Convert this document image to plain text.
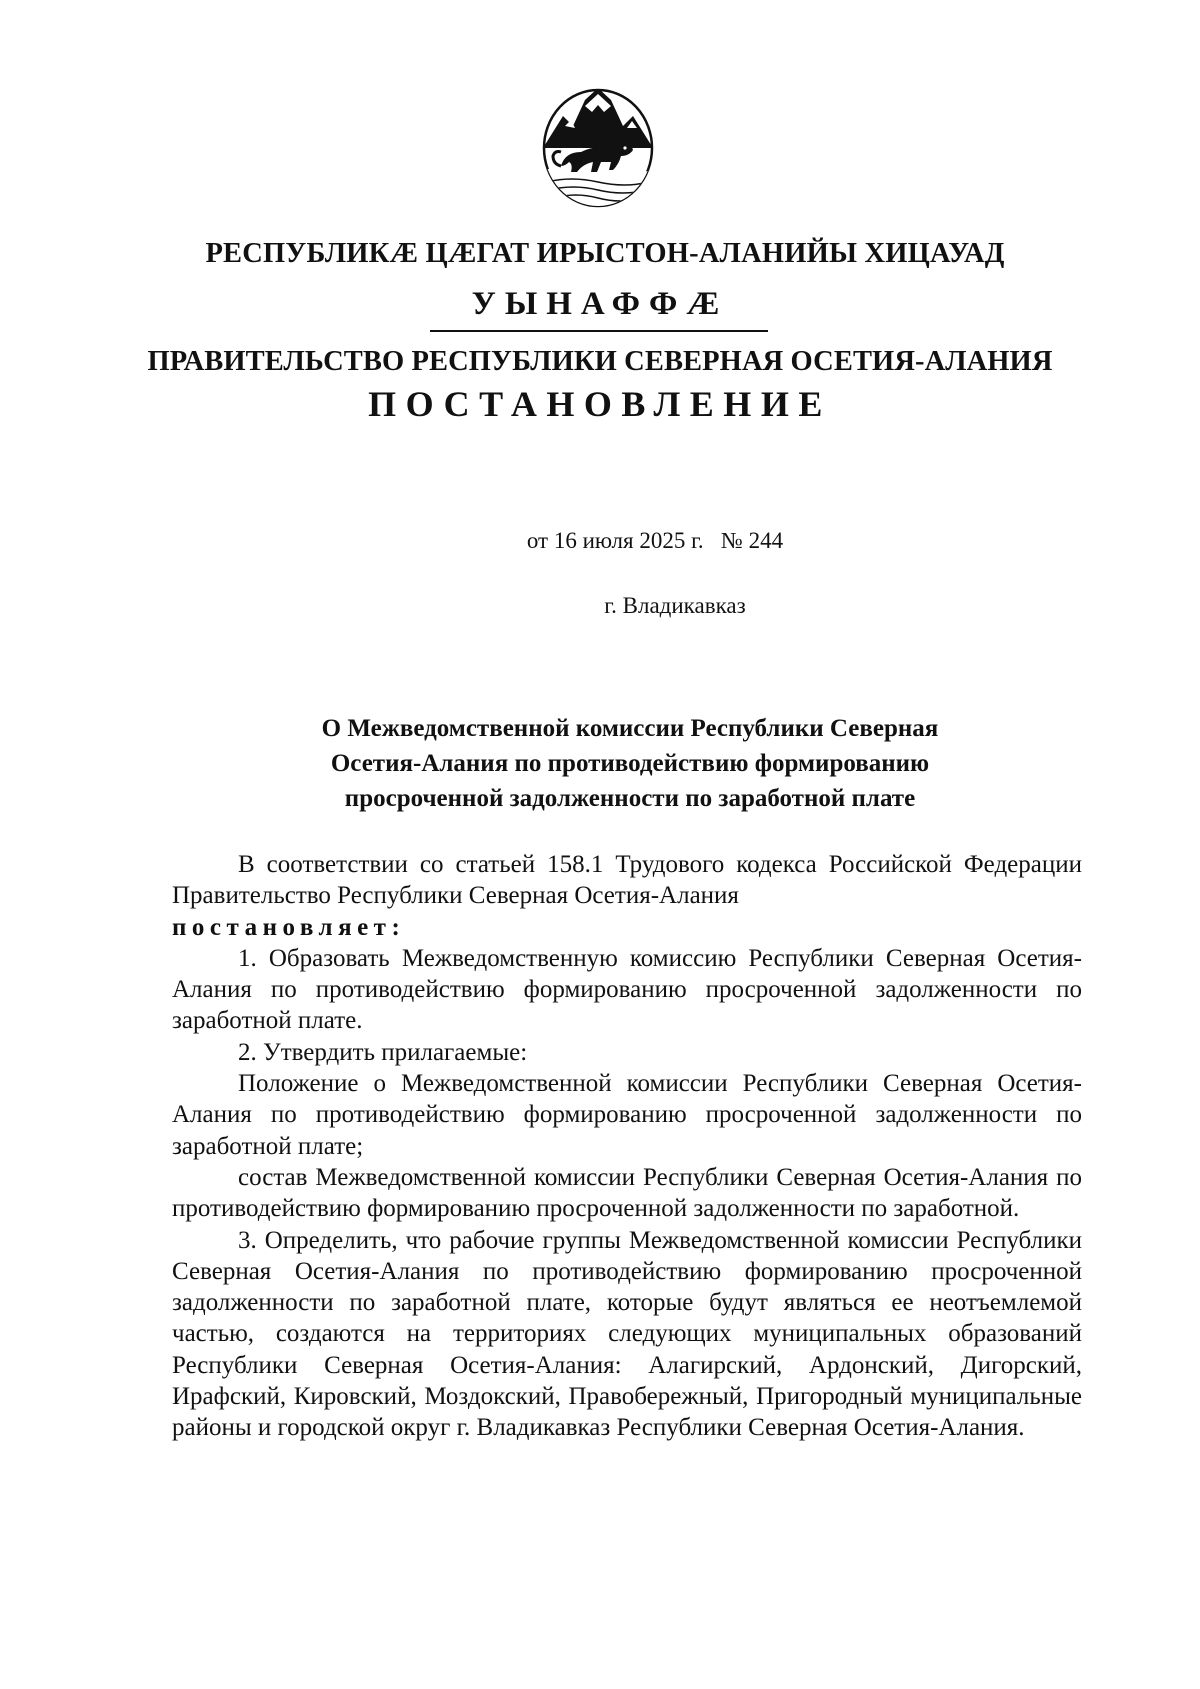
РЕСПУБЛИКӔ ЦӔГАТ ИРЫСТОН-АЛАНИЙЫ ХИЦАУАД
УЫНАФФӔ
ПРАВИТЕЛЬСТВО РЕСПУБЛИКИ СЕВЕРНАЯ ОСЕТИЯ-АЛАНИЯ
ПОСТАНОВЛЕНИЕ
от 16 июля 2025 г.   № 244
г. Владикавказ
О Межведомственной комиссии Республики Северная
Осетия-Алания по противодействию формированию
просроченной задолженности по заработной плате

В соответствии со статьей 158.1 Трудового кодекса Российской Федерации Правительство Республики Северная Осетия-Алания

постановляет:

1. Образовать Межведомственную комиссию Республики Северная Осетия-Алания по противодействию формированию просроченной задолженности по заработной плате.

2. Утвердить прилагаемые:

Положение о Межведомственной комиссии Республики Северная Осетия-Алания по противодействию формированию просроченной задолженности по заработной плате;

состав Межведомственной комиссии Республики Северная Осетия-Алания по противодействию формированию просроченной задолженности по заработной.

3. Определить, что рабочие группы Межведомственной комиссии Республики Северная Осетия-Алания по противодействию формированию просроченной задолженности по заработной плате, которые будут являться ее неотъемлемой частью, создаются на территориях следующих муниципальных образований Республики Северная Осетия-Алания: Алагирский, Ардонский, Дигорский, Ирафский, Кировский, Моздокский, Правобережный, Пригородный муниципальные районы и городской округ г. Владикавказ Республики Северная Осетия-Алания.
